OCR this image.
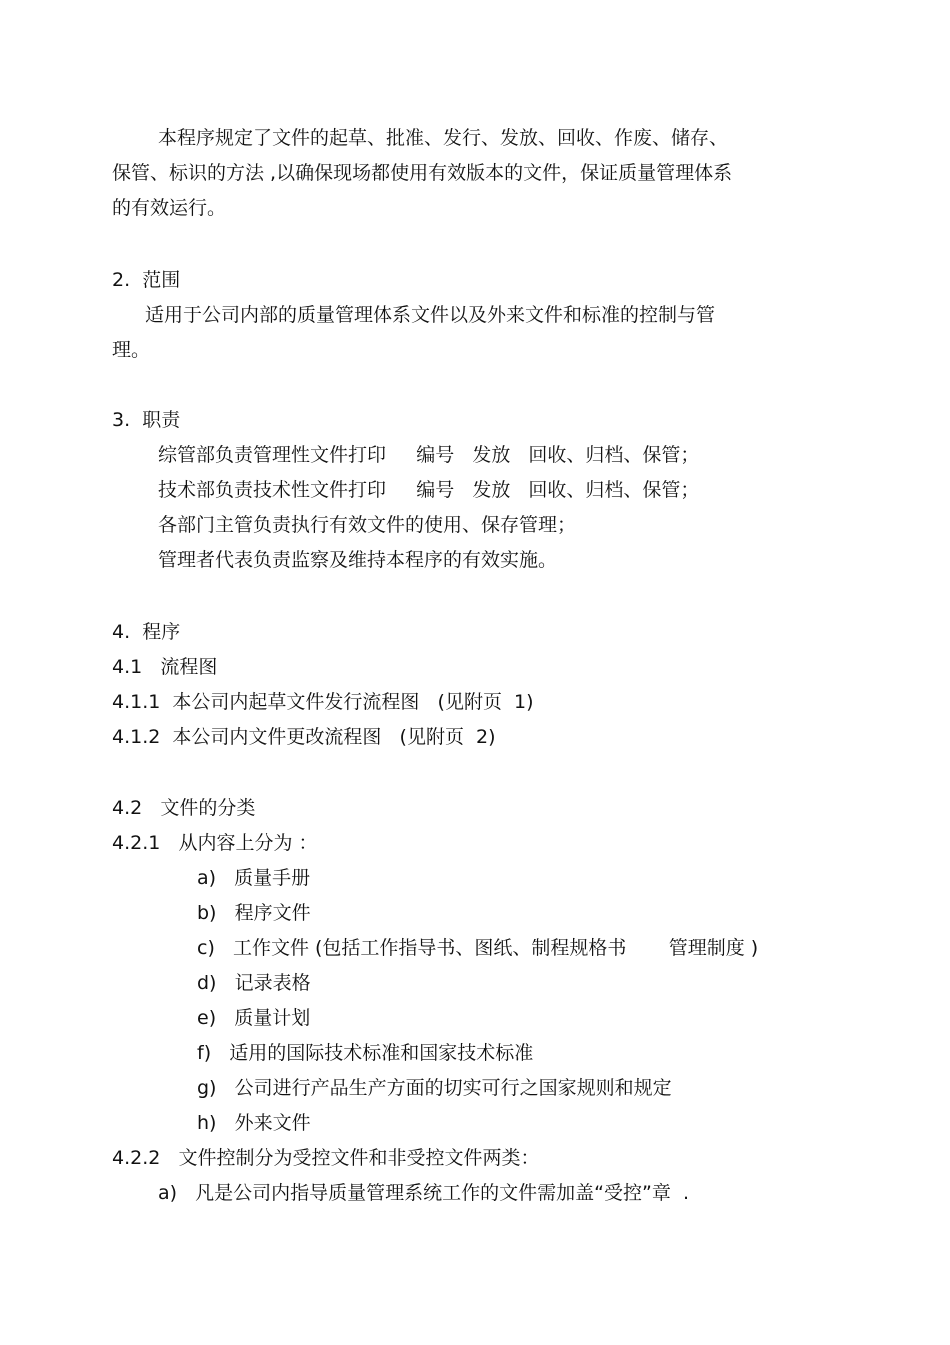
本程序规定了文件的起草、批准、发行、发放、回收、作废、储存、
保管、标识的方法 ,以确保现场都使用有效版本的文件，保证质量管理体系
的有效运行。
2.  范围
适用于公司内部的质量管理体系文件以及外来文件和标准的控制与管
理。
3.  职责
综管部负责管理性文件打印     编号   发放   回收、归档、保管；
技术部负责技术性文件打印     编号   发放   回收、归档、保管；
各部门主管负责执行有效文件的使用、保存管理；
管理者代表负责监察及维持本程序的有效实施。
4.  程序
4.1   流程图
4.1.1  本公司内起草文件发行流程图   (见附页  1)
4.1.2  本公司内文件更改流程图   (见附页  2)
4.2   文件的分类
4.2.1   从内容上分为 ：
a)   质量手册
b)   程序文件
c)   工作文件 (包括工作指导书、图纸、制程规格书       管理制度 )
d)   记录表格
e)   质量计划
f)   适用的国际技术标准和国家技术标准
g)   公司进行产品生产方面的切实可行之国家规则和规定
h)   外来文件
4.2.2   文件控制分为受控文件和非受控文件两类：
a)   凡是公司内指导质量管理系统工作的文件需加盖“受控”章  .
